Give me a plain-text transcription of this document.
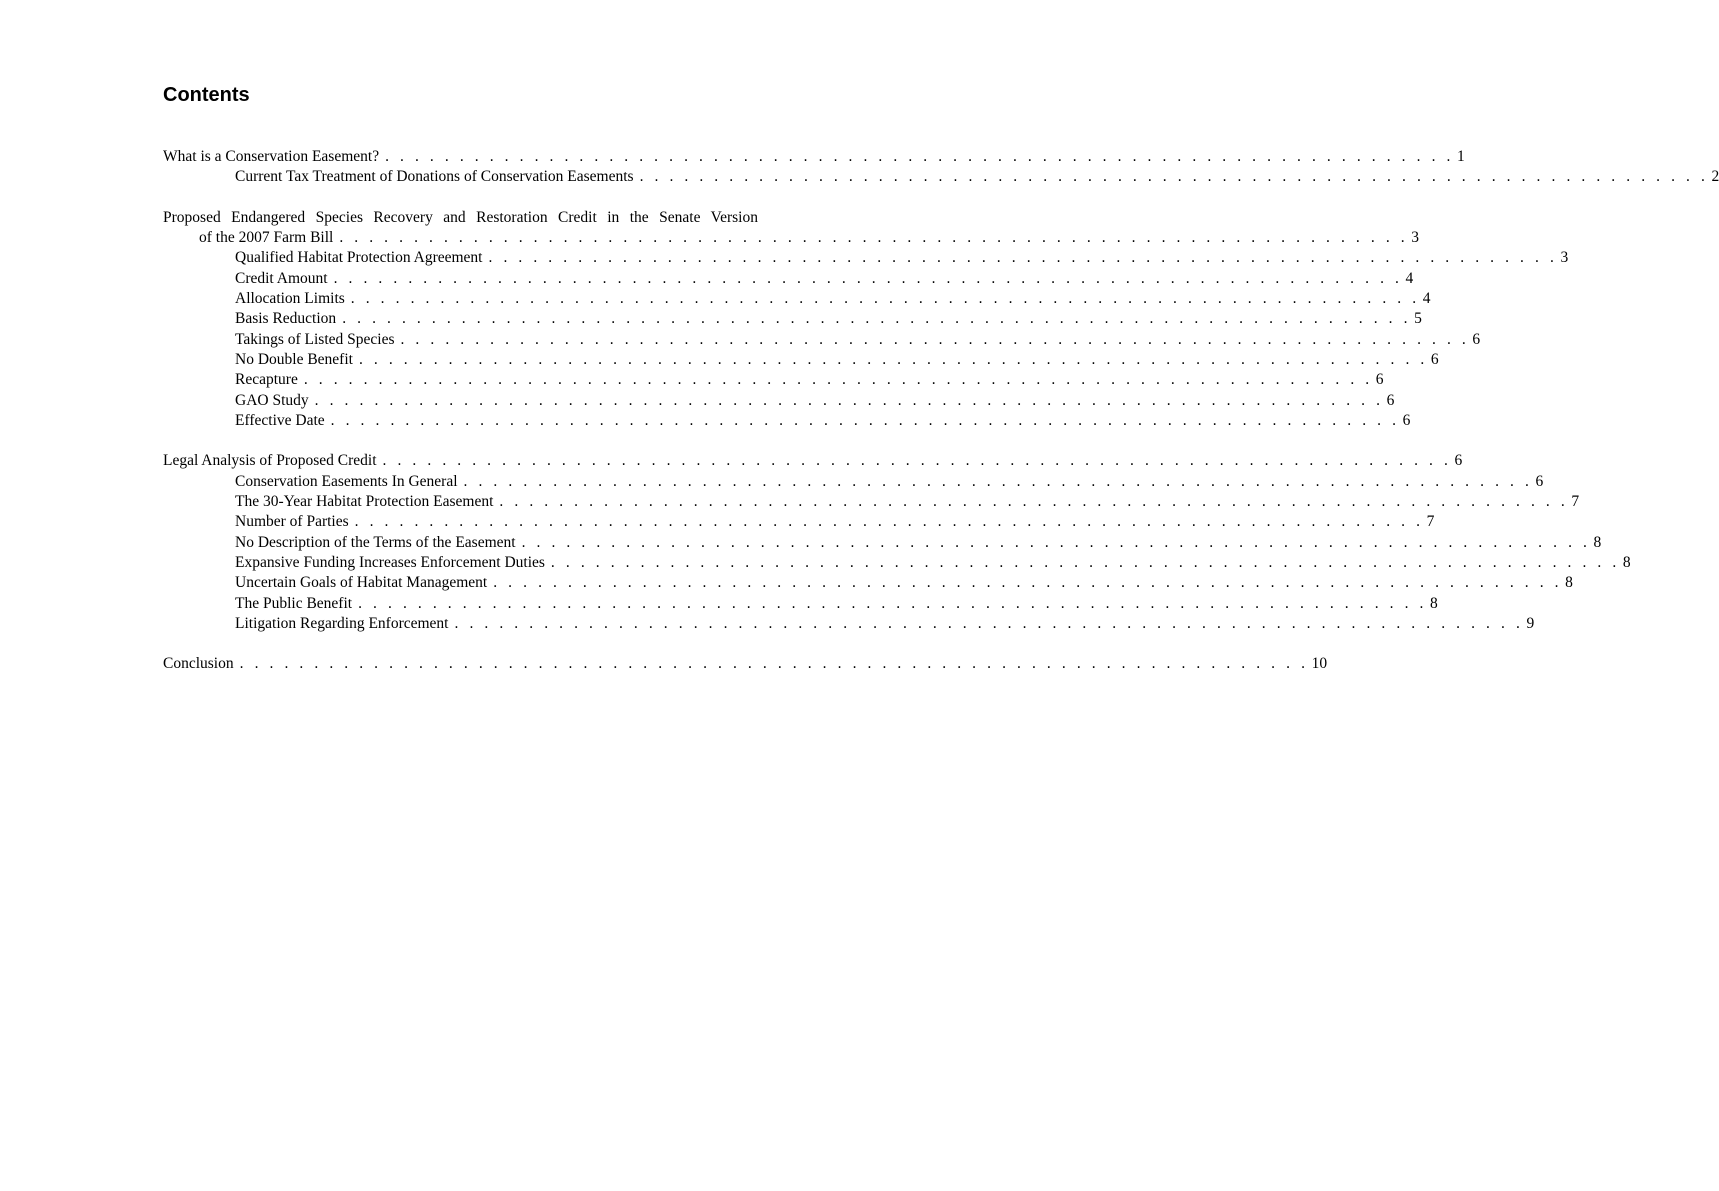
Contents
What is a Conservation Easement? . . . . . . . . . . . . . . . . . . . . . . . . . . . . . . . . . . . . . . . . . . . . . . . . . . . . . . . . . . . . . . . . . . . . . . . . 1
Current Tax Treatment of Donations of Conservation Easements . . . . . . . . . . . . . . . . . . . . . . . . . . . . . . . . . . . . . . . . . . . . . . . . . . . . . . . . . . . . . . . . . . . . . . . . 2
Proposed Endangered Species Recovery and Restoration Credit in the Senate Version
of the 2007 Farm Bill . . . . . . . . . . . . . . . . . . . . . . . . . . . . . . . . . . . . . . . . . . . . . . . . . . . . . . . . . . . . . . . . . . . . . . . . 3
Qualified Habitat Protection Agreement . . . . . . . . . . . . . . . . . . . . . . . . . . . . . . . . . . . . . . . . . . . . . . . . . . . . . . . . . . . . . . . . . . . . . . . . 3
Credit Amount . . . . . . . . . . . . . . . . . . . . . . . . . . . . . . . . . . . . . . . . . . . . . . . . . . . . . . . . . . . . . . . . . . . . . . . . 4
Allocation Limits . . . . . . . . . . . . . . . . . . . . . . . . . . . . . . . . . . . . . . . . . . . . . . . . . . . . . . . . . . . . . . . . . . . . . . . . 4
Basis Reduction . . . . . . . . . . . . . . . . . . . . . . . . . . . . . . . . . . . . . . . . . . . . . . . . . . . . . . . . . . . . . . . . . . . . . . . . 5
Takings of Listed Species . . . . . . . . . . . . . . . . . . . . . . . . . . . . . . . . . . . . . . . . . . . . . . . . . . . . . . . . . . . . . . . . . . . . . . . . 6
No Double Benefit . . . . . . . . . . . . . . . . . . . . . . . . . . . . . . . . . . . . . . . . . . . . . . . . . . . . . . . . . . . . . . . . . . . . . . . . 6
Recapture . . . . . . . . . . . . . . . . . . . . . . . . . . . . . . . . . . . . . . . . . . . . . . . . . . . . . . . . . . . . . . . . . . . . . . . . 6
GAO Study . . . . . . . . . . . . . . . . . . . . . . . . . . . . . . . . . . . . . . . . . . . . . . . . . . . . . . . . . . . . . . . . . . . . . . . . 6
Effective Date . . . . . . . . . . . . . . . . . . . . . . . . . . . . . . . . . . . . . . . . . . . . . . . . . . . . . . . . . . . . . . . . . . . . . . . . 6
Legal Analysis of Proposed Credit . . . . . . . . . . . . . . . . . . . . . . . . . . . . . . . . . . . . . . . . . . . . . . . . . . . . . . . . . . . . . . . . . . . . . . . . 6
Conservation Easements In General . . . . . . . . . . . . . . . . . . . . . . . . . . . . . . . . . . . . . . . . . . . . . . . . . . . . . . . . . . . . . . . . . . . . . . . . 6
The 30-Year Habitat Protection Easement . . . . . . . . . . . . . . . . . . . . . . . . . . . . . . . . . . . . . . . . . . . . . . . . . . . . . . . . . . . . . . . . . . . . . . . . 7
Number of Parties . . . . . . . . . . . . . . . . . . . . . . . . . . . . . . . . . . . . . . . . . . . . . . . . . . . . . . . . . . . . . . . . . . . . . . . . 7
No Description of the Terms of the Easement . . . . . . . . . . . . . . . . . . . . . . . . . . . . . . . . . . . . . . . . . . . . . . . . . . . . . . . . . . . . . . . . . . . . . . . . 8
Expansive Funding Increases Enforcement Duties . . . . . . . . . . . . . . . . . . . . . . . . . . . . . . . . . . . . . . . . . . . . . . . . . . . . . . . . . . . . . . . . . . . . . . . . 8
Uncertain Goals of Habitat Management . . . . . . . . . . . . . . . . . . . . . . . . . . . . . . . . . . . . . . . . . . . . . . . . . . . . . . . . . . . . . . . . . . . . . . . . 8
The Public Benefit . . . . . . . . . . . . . . . . . . . . . . . . . . . . . . . . . . . . . . . . . . . . . . . . . . . . . . . . . . . . . . . . . . . . . . . . 8
Litigation Regarding Enforcement . . . . . . . . . . . . . . . . . . . . . . . . . . . . . . . . . . . . . . . . . . . . . . . . . . . . . . . . . . . . . . . . . . . . . . . . 9
Conclusion . . . . . . . . . . . . . . . . . . . . . . . . . . . . . . . . . . . . . . . . . . . . . . . . . . . . . . . . . . . . . . . . . . . . . . . . 10
